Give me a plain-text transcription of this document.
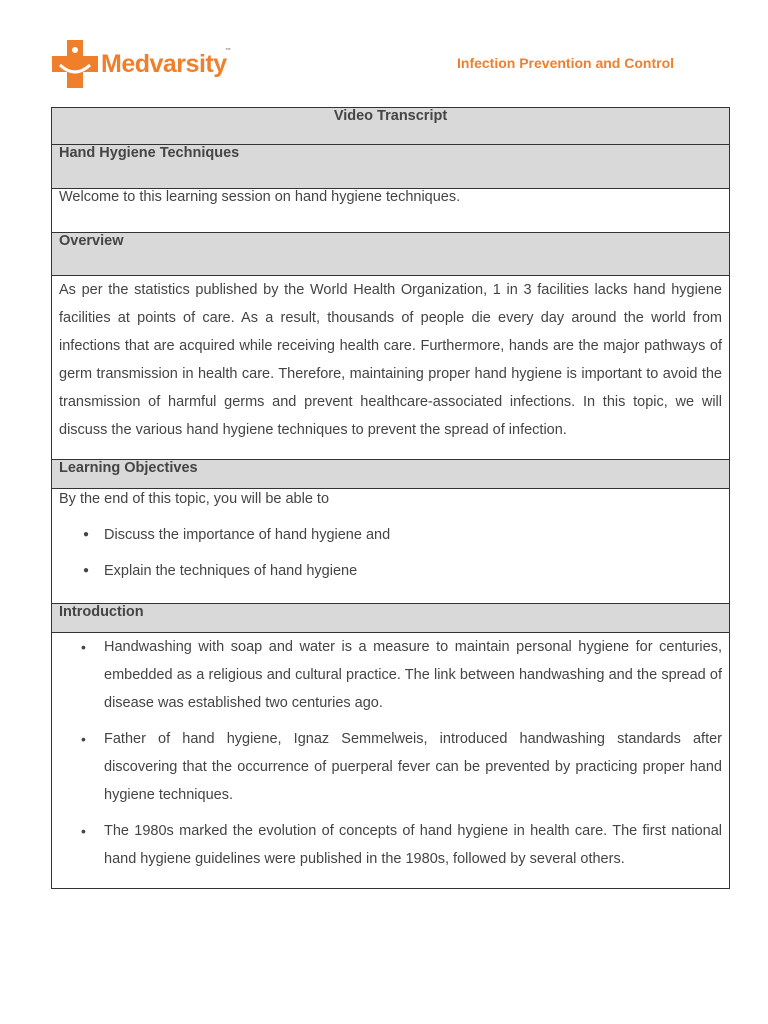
Medvarsity
™
Infection Prevention and Control
Video Transcript
Hand Hygiene Techniques
Welcome to this learning session on hand hygiene techniques.
Overview
As per the statistics published by the World Health Organization, 1 in 3 facilities lacks hand hygiene facilities at points of care. As a result, thousands of people die every day around the world from infections that are acquired while receiving health care. Furthermore, hands are the major pathways of germ transmission in health care. Therefore, maintaining proper hand hygiene is important to avoid the transmission of harmful germs and prevent healthcare-associated infections. In this topic, we will discuss the various hand hygiene techniques to prevent the spread of infection.
Learning Objectives

By the end of this topic, you will be able to
● Discuss the importance of hand hygiene and
● Explain the techniques of hand hygiene

Introduction

• Handwashing with soap and water is a measure to maintain personal hygiene for centuries, embedded as a religious and cultural practice. The link between handwashing and the spread of disease was established two centuries ago.
• Father of hand hygiene, Ignaz Semmelweis, introduced handwashing standards after discovering that the occurrence of puerperal fever can be prevented by practicing proper hand hygiene techniques.
• The 1980s marked the evolution of concepts of hand hygiene in health care. The first national hand hygiene guidelines were published in the 1980s, followed by several others.
